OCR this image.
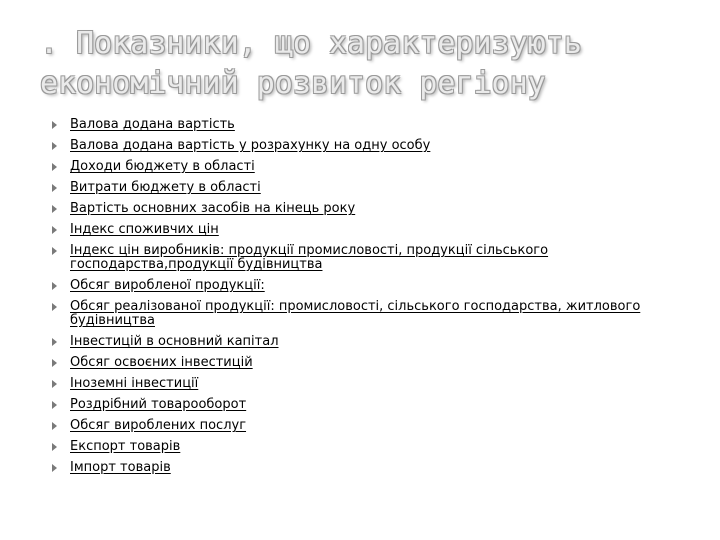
. Показники, що характеризують економічний розвиток регіону
Валова додана вартість
Валова додана вартість у розрахунку на одну особу
Доходи бюджету в області
Витрати бюджету в області
Вартість основних засобів на кінець року
Індекс споживчих цін
Індекс цін виробників: продукції промисловості, продукції сільського господарства,продукції будівництва
Обсяг виробленої продукції:
Обсяг реалізованої продукції: промисловості, сільського господарства, житлового будівництва
Інвестицій в основний капітал
Обсяг освоєних інвестицій
Іноземні інвестиції
Роздрібний товарооборот
Обсяг вироблених послуг
Експорт товарів
Імпорт товарів
